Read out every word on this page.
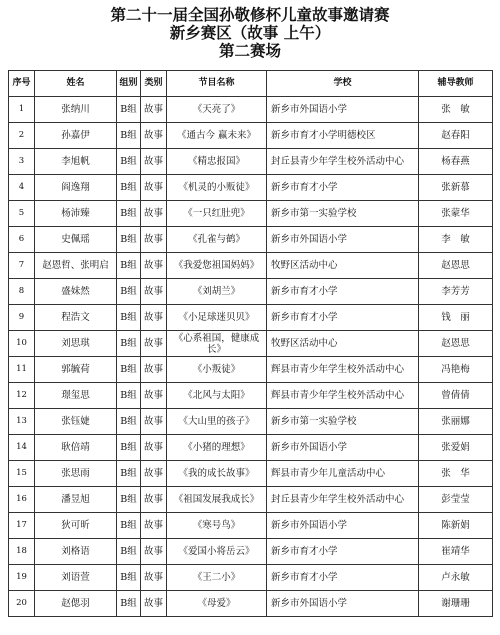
第二十一届全国孙敬修杯儿童故事邀请赛
新乡赛区（故事 上午）
第二赛场
序号	姓名	组别	类别	节目名称	学校	辅导教师
1	张纳川	B组	故事	《天亮了》	新乡市外国语小学	张　敏
2	孙嘉伊	B组	故事	《通古今 赢未来》	新乡市育才小学明德校区	赵春阳
3	李旭帆	B组	故事	《精忠报国》	封丘县青少年学生校外活动中心	杨春燕
4	阎逸翔	B组	故事	《机灵的小贩徒》	新乡市育才小学	张新慕
5	杨沛臻	B组	故事	《一只红肚兜》	新乡市第一实验学校	张蒙华
6	史佩瑶	B组	故事	《孔雀与鹤》	新乡市外国语小学	李　敏
7	赵恩哲、张明启	B组	故事	《我爱您祖国妈妈》	牧野区活动中心	赵恩思
8	盛妹然	B组	故事	《刘胡兰》	新乡市育才小学	李芳芳
9	程浩文	B组	故事	《小足球迷贝贝》	新乡市育才小学	钱　丽
10	刘思琪	B组	故事	《心系祖国，健康成长》	牧野区活动中心	赵恩思
11	郭毓荷	B组	故事	《小叛徒》	辉县市青少年学生校外活动中心	冯艳梅
12	璟玺思	B组	故事	《北风与太阳》	辉县市青少年学生校外活动中心	曾倩倩
13	张钰婕	B组	故事	《大山里的孩子》	新乡市第一实验学校	张丽娜
14	耿倍靖	B组	故事	《小猪的理想》	新乡市外国语小学	张爱娟
15	张思雨	B组	故事	《我的成长故事》	辉县市青少年儿童活动中心	张　华
16	潘昱旭	B组	故事	《祖国发展我成长》	封丘县青少年学生校外活动中心	彭莹莹
17	狄可昕	B组	故事	《寒号鸟》	新乡市外国语小学	陈新娟
18	刘格语	B组	故事	《爱国小将岳云》	新乡市育才小学	崔靖华
19	刘语萱	B组	故事	《王二小》	新乡市育才小学	卢永敏
20	赵偲羽	B组	故事	《母爱》	新乡市外国语小学	谢珊珊
